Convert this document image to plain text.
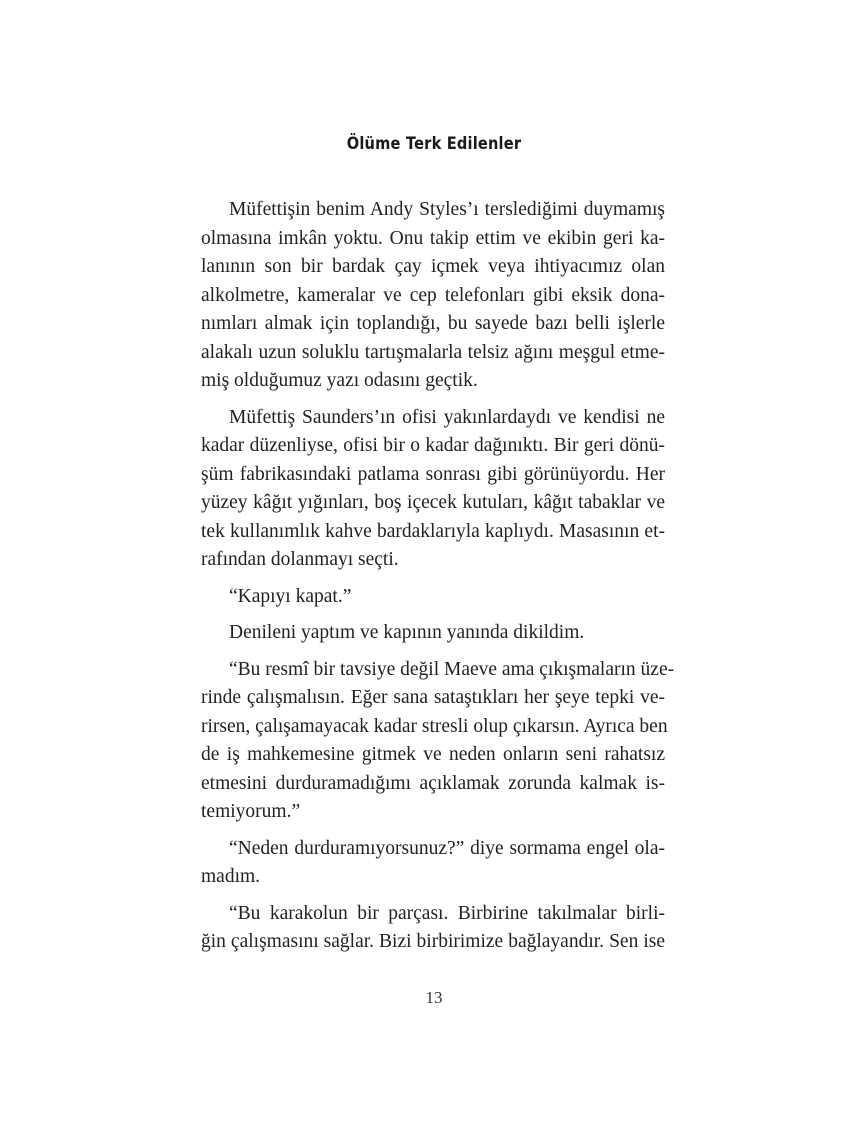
Ölüme Terk Edilenler

Müfettişin benim Andy Styles’ı terslediğimi duymamış
olmasına imkân yoktu. Onu takip ettim ve ekibin geri ka-
lanının son bir bardak çay içmek veya ihtiyacımız olan
alkolmetre, kameralar ve cep telefonları gibi eksik dona-
nımları almak için toplandığı, bu sayede bazı belli işlerle
alakalı uzun soluklu tartışmalarla telsiz ağını meşgul etme-
miş olduğumuz yazı odasını geçtik.

Müfettiş Saunders’ın ofisi yakınlardaydı ve kendisi ne
kadar düzenliyse, ofisi bir o kadar dağınıktı. Bir geri dönü-
şüm fabrikasındaki patlama sonrası gibi görünüyordu. Her
yüzey kâğıt yığınları, boş içecek kutuları, kâğıt tabaklar ve
tek kullanımlık kahve bardaklarıyla kaplıydı. Masasının et-
rafından dolanmayı seçti.

“Kapıyı kapat.”

Denileni yaptım ve kapının yanında dikildim.

“Bu resmî bir tavsiye değil Maeve ama çıkışmaların üze-
rinde çalışmalısın. Eğer sana sataştıkları her şeye tepki ve-
rirsen, çalışamayacak kadar stresli olup çıkarsın. Ayrıca ben
de iş mahkemesine gitmek ve neden onların seni rahatsız
etmesini durduramadığımı açıklamak zorunda kalmak is-
temiyorum.”

“Neden durduramıyorsunuz?” diye sormama engel ola-
madım.

“Bu karakolun bir parçası. Birbirine takılmalar birli-
ğin çalışmasını sağlar. Bizi birbirimize bağlayandır. Sen ise

13
